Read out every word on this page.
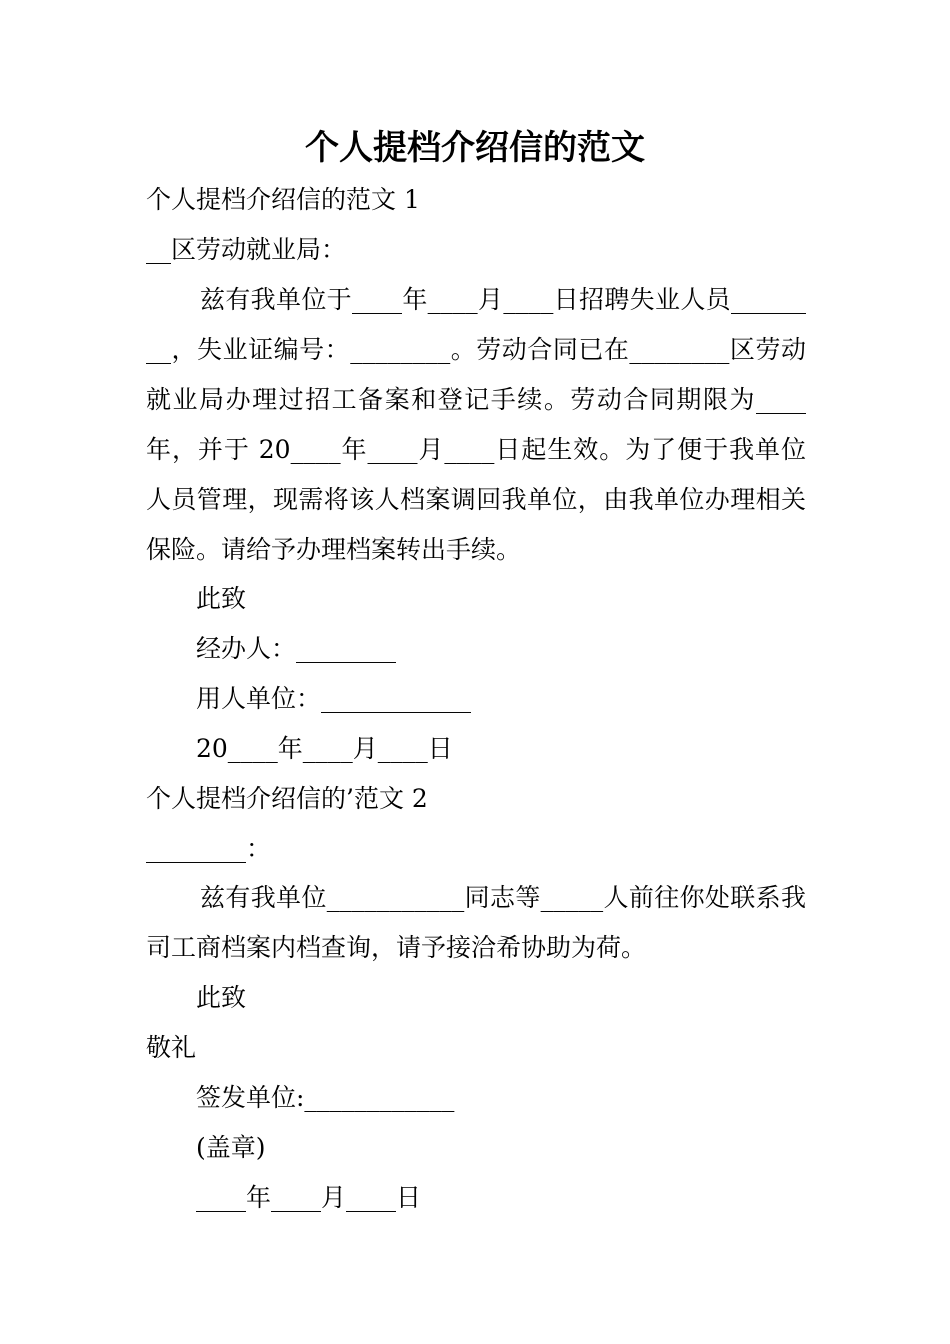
个人提档介绍信的范文
个人提档介绍信的范文 1
__区劳动就业局：
兹有我单位于____年____月____日招聘失业人员________，失业证编号：________。劳动合同已在________区劳动就业局办理过招工备案和登记手续。劳动合同期限为____年，并于 20____年____月____日起生效。为了便于我单位人员管理，现需将该人档案调回我单位，由我单位办理相关保险。请给予办理档案转出手续。
此致
经办人：________
用人单位：____________
20____年____月____日
个人提档介绍信的’范文 2
________：
兹有我单位___________同志等_____人前往你处联系我司工商档案内档查询，请予接洽希协助为荷。
此致
敬礼
签发单位:____________
(盖章)
____年____月____日
